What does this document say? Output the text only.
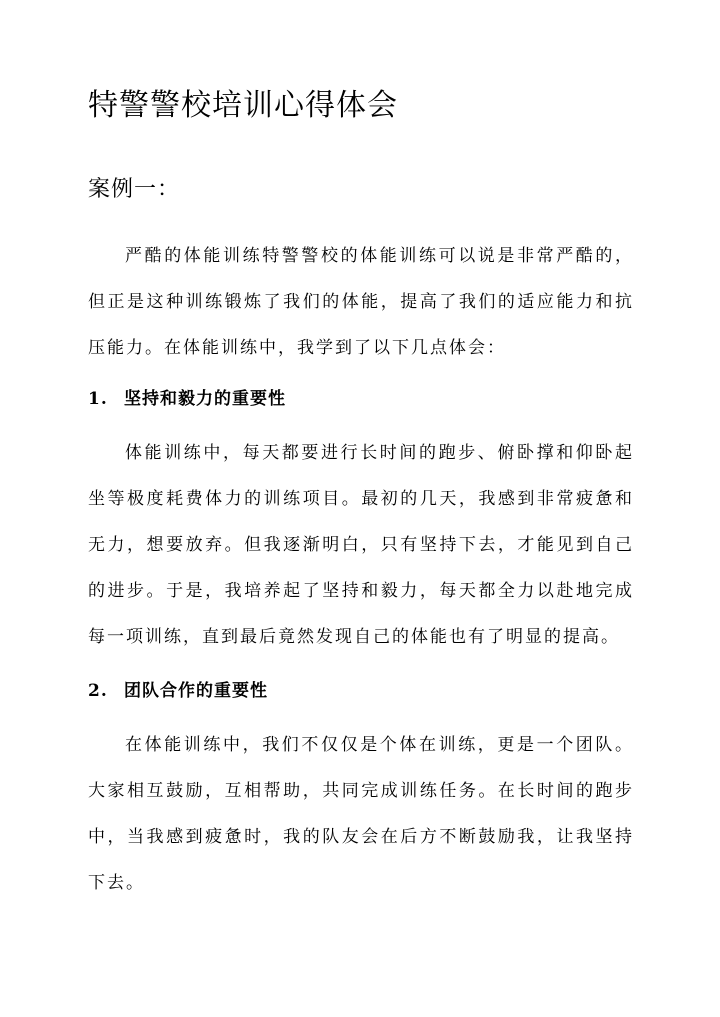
特警警校培训心得体会
案例一：

严酷的体能训练特警警校的体能训练可以说是非常严酷的，但正是这种训练锻炼了我们的体能，提高了我们的适应能力和抗压能力。在体能训练中，我学到了以下几点体会：

1. 坚持和毅力的重要性

体能训练中，每天都要进行长时间的跑步、俯卧撑和仰卧起坐等极度耗费体力的训练项目。最初的几天，我感到非常疲惫和无力，想要放弃。但我逐渐明白，只有坚持下去，才能见到自己的进步。于是，我培养起了坚持和毅力，每天都全力以赴地完成每一项训练，直到最后竟然发现自己的体能也有了明显的提高。

2. 团队合作的重要性

在体能训练中，我们不仅仅是个体在训练，更是一个团队。大家相互鼓励，互相帮助，共同完成训练任务。在长时间的跑步中，当我感到疲惫时，我的队友会在后方不断鼓励我，让我坚持下去。
